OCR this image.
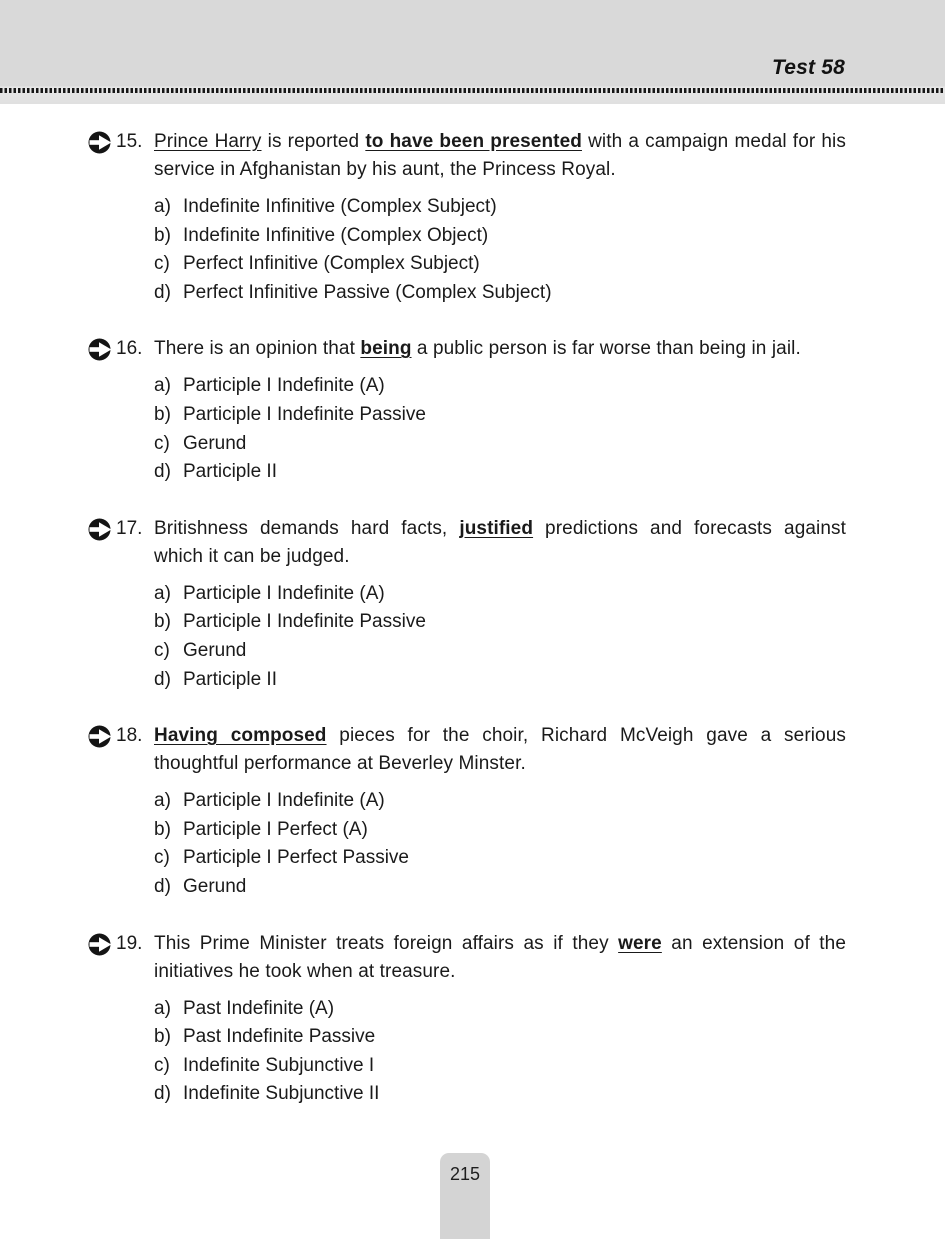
Test 58
15. Prince Harry is reported to have been presented with a campaign medal for his service in Afghanistan by his aunt, the Princess Royal.

a) Indefinite Infinitive (Complex Subject)
b) Indefinite Infinitive (Complex Object)
c) Perfect Infinitive (Complex Subject)
d) Perfect Infinitive Passive (Complex Subject)
16. There is an opinion that being a public person is far worse than being in jail.

a) Participle I Indefinite (A)
b) Participle I Indefinite Passive
c) Gerund
d) Participle II
17. Britishness demands hard facts, justified predictions and forecasts against which it can be judged.

a) Participle I Indefinite (A)
b) Participle I Indefinite Passive
c) Gerund
d) Participle II
18. Having composed pieces for the choir, Richard McVeigh gave a serious thoughtful performance at Beverley Minster.

a) Participle I Indefinite (A)
b) Participle I Perfect (A)
c) Participle I Perfect Passive
d) Gerund
19. This Prime Minister treats foreign affairs as if they were an extension of the initiatives he took when at treasure.

a) Past Indefinite (A)
b) Past Indefinite Passive
c) Indefinite Subjunctive I
d) Indefinite Subjunctive II
215
